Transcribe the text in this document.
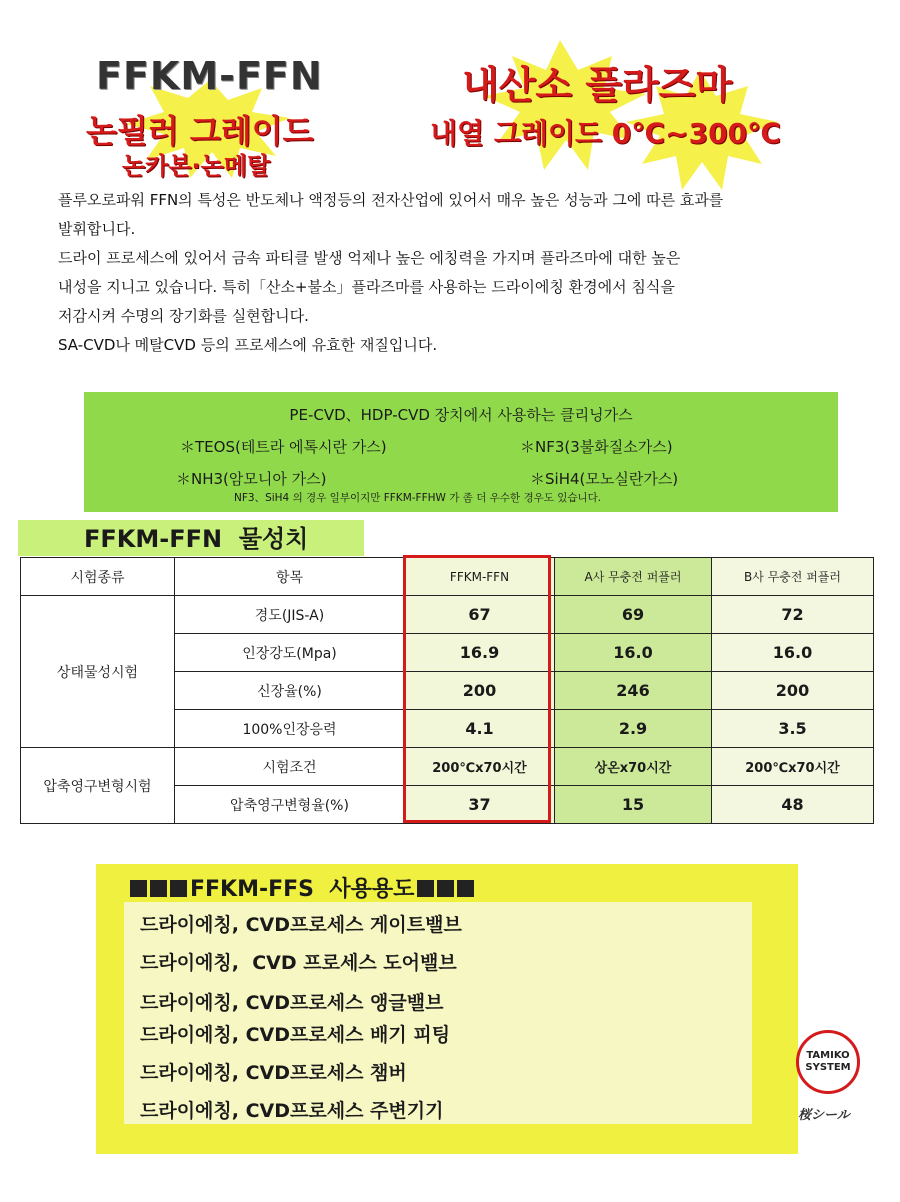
FFKM-FFN
논필러 그레이드
논카본·논메탈
내산소 플라즈마
내열 그레이드 0℃~300℃

플루오로파워 FFN의 특성은 반도체나 액정등의 전자산업에 있어서 매우 높은 성능과 그에 따른 효과를

발휘합니다.

드라이 프로세스에 있어서 금속 파티클 발생 억제나 높은 에칭력을 가지며 플라즈마에 대한 높은

내성을 지니고 있습니다. 특히「산소+불소」플라즈마를 사용하는 드라이에칭 환경에서 침식을

저감시켜 수명의 장기화를 실현합니다.

SA-CVD나 메탈CVD 등의 프로세스에 유효한 재질입니다.

PE-CVD、HDP-CVD 장치에서 사용하는 클리닝가스
＊TEOS(테트라 에톡시란 가스)	＊NF3(3불화질소가스)
＊NH3(암모니아 가스)	＊SiH4(모노실란가스)
NF3、SiH4 의 경우 일부이지만 FFKM-FFHW 가 좀 더 우수한 경우도 있습니다.
FFKM-FFN  물성치
시험종류	항목	FFKM-FFN	A사 무충전 퍼플러	B사 무충전 퍼플러
상태물성시험	경도(JIS-A)	67	69	72
	인장강도(Mpa)	16.9	16.0	16.0
	신장율(%)	200	246	200
	100%인장응력	4.1	2.9	3.5
압축영구변형시험	시험조건	200℃x70시간	상온x70시간	200℃x70시간
	압축영구변형율(%)	37	15	48
FFKM-FFS  사용용도
드라이에칭, CVD프로세스 게이트밸브
드라이에칭,  CVD 프로세스 도어밸브
드라이에칭, CVD프로세스 앵글밸브
드라이에칭, CVD프로세스 배기 피팅
드라이에칭, CVD프로세스 챔버
드라이에칭, CVD프로세스 주변기기
TAMIKO
SYSTEM
桜シール
